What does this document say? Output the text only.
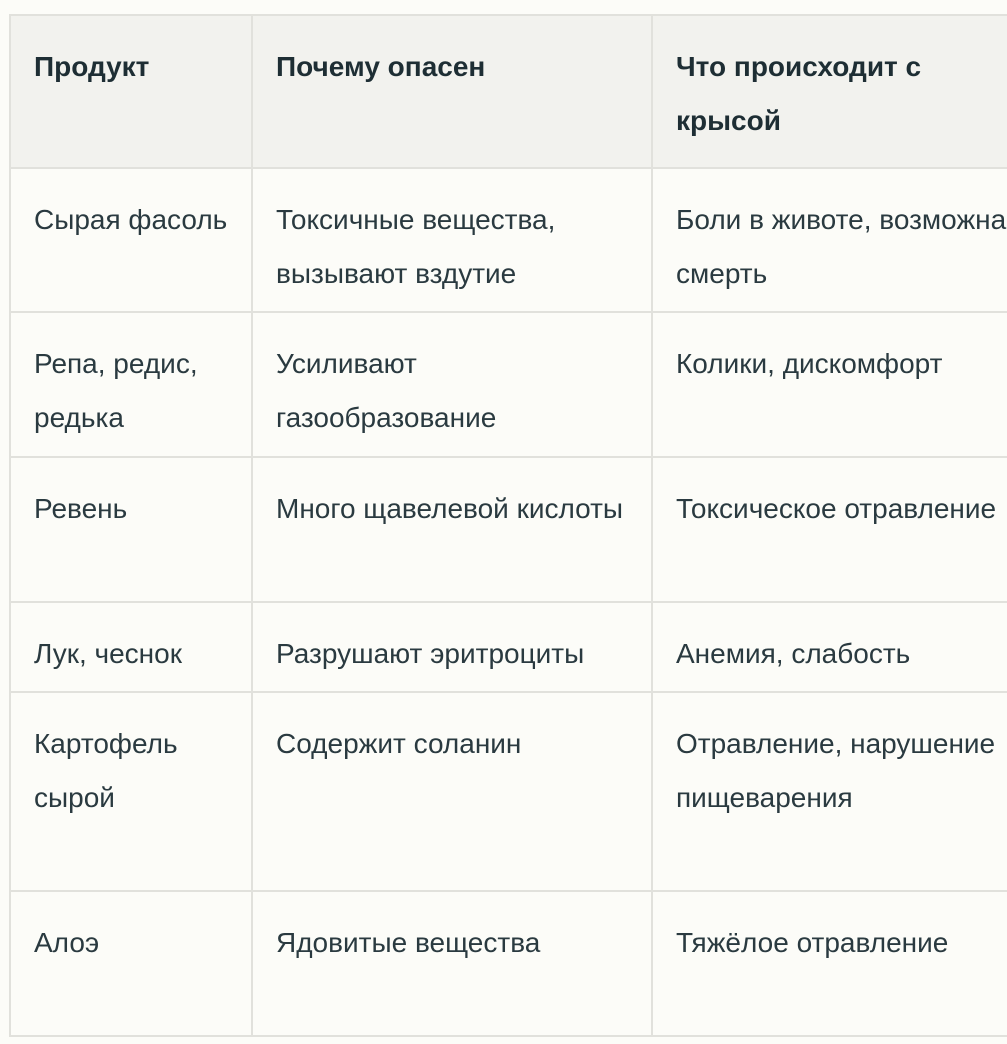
Продукт	Почему опасен	Что происходит с крысой
Сырая фасоль	Токсичные вещества, вызывают вздутие	Боли в животе, возможна смерть
Репа, редис, редька	Усиливают газообразование	Колики, дискомфорт
Ревень	Много щавелевой кислоты	Токсическое отравление
Лук, чеснок	Разрушают эритроциты	Анемия, слабость
Картофель сырой	Содержит соланин	Отравление, нарушение пищеварения
Алоэ	Ядовитые вещества	Тяжёлое отравление
